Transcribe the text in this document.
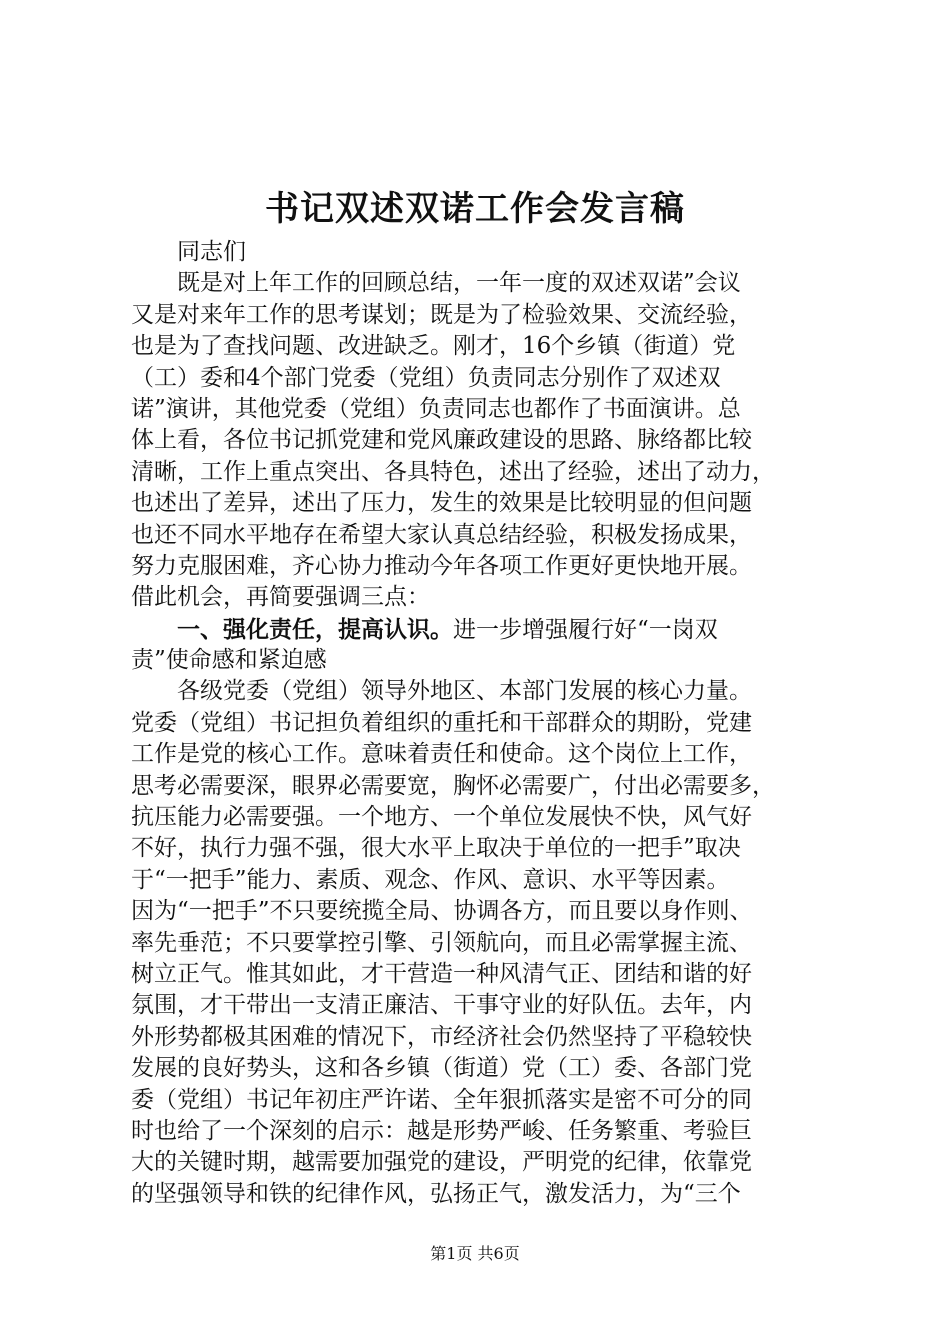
书记双述双诺工作会发言稿
同志们
既是对上年工作的回顾总结，一年一度的双述双诺”会议
又是对来年工作的思考谋划；既是为了检验效果、交流经验，
也是为了查找问题、改进缺乏。刚才，16个乡镇（街道）党
（工）委和4个部门党委（党组）负责同志分别作了双述双
诺”演讲，其他党委（党组）负责同志也都作了书面演讲。总
体上看，各位书记抓党建和党风廉政建设的思路、脉络都比较
清晰，工作上重点突出、各具特色，述出了经验，述出了动力，
也述出了差异，述出了压力，发生的效果是比较明显的但问题
也还不同水平地存在希望大家认真总结经验，积极发扬成果，
努力克服困难，齐心协力推动今年各项工作更好更快地开展。
借此机会，再简要强调三点：
一、强化责任，提高认识。进一步增强履行好“一岗双
责”使命感和紧迫感
各级党委（党组）领导外地区、本部门发展的核心力量。
党委（党组）书记担负着组织的重托和干部群众的期盼，党建
工作是党的核心工作。意味着责任和使命。这个岗位上工作，
思考必需要深，眼界必需要宽，胸怀必需要广，付出必需要多，
抗压能力必需要强。一个地方、一个单位发展快不快，风气好
不好，执行力强不强，很大水平上取决于单位的一把手”取决
于“一把手”能力、素质、观念、作风、意识、水平等因素。
因为“一把手”不只要统揽全局、协调各方，而且要以身作则、
率先垂范；不只要掌控引擎、引领航向，而且必需掌握主流、
树立正气。惟其如此，才干营造一种风清气正、团结和谐的好
氛围，才干带出一支清正廉洁、干事守业的好队伍。去年，内
外形势都极其困难的情况下，市经济社会仍然坚持了平稳较快
发展的良好势头，这和各乡镇（街道）党（工）委、各部门党
委（党组）书记年初庄严许诺、全年狠抓落实是密不可分的同
时也给了一个深刻的启示：越是形势严峻、任务繁重、考验巨
大的关键时期，越需要加强党的建设，严明党的纪律，依靠党
的坚强领导和铁的纪律作风，弘扬正气，激发活力，为“三个
第1页 共6页
